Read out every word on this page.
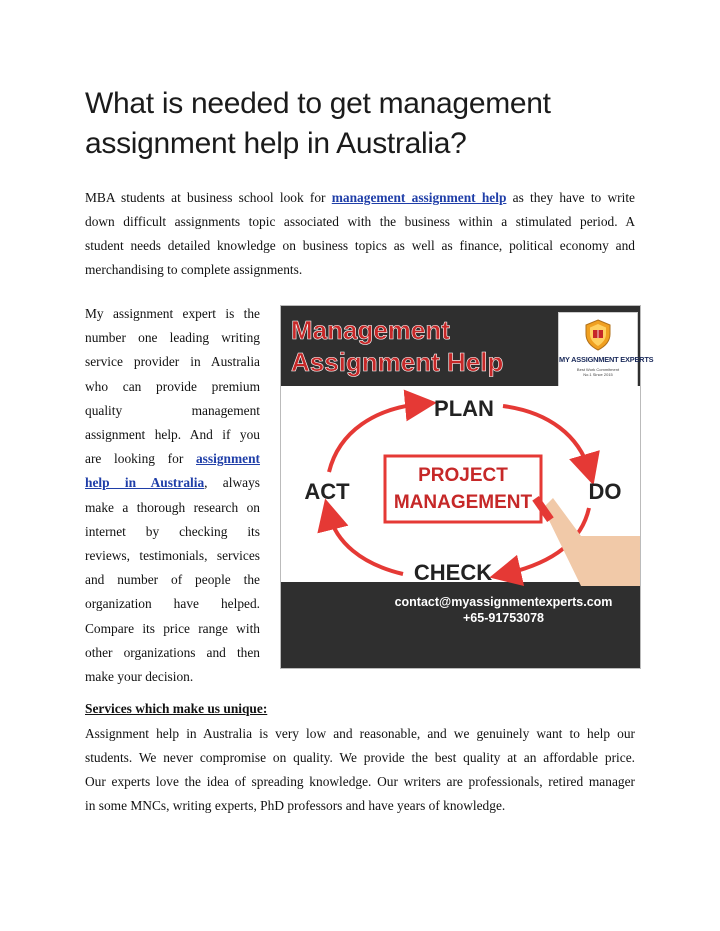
What is needed to get management
assignment help in Australia?
MBA students at business school look for management assignment help as they have to write
down difficult assignments topic associated with the business within a stimulated period. A
student needs detailed knowledge on business topics as well as finance, political economy and
merchandising to complete assignments.
My assignment expert is the
number one leading writing
service provider in Australia
who can provide premium
quality management
assignment help. And if you
are looking for assignment
help in Australia, always
make a thorough research on
internet by checking its
reviews, testimonials, services
and number of people the
organization have helped.
Compare its price range with
other organizations and then
make your decision.
Management
Assignment Help	MY ASSIGNMENT EXPERTS
Best Work Commitment
No.1 Since 2015
PROJECT
MANAGEMENT
PLAN
DO
CHECK
ACT
contact@myassignmentexperts.com
+65-91753078
Services which make us unique:
Assignment help in Australia is very low and reasonable, and we genuinely want to help our
students. We never compromise on quality. We provide the best quality at an affordable price.
Our experts love the idea of spreading knowledge. Our writers are professionals, retired manager
in some MNCs, writing experts, PhD professors and have years of knowledge.
